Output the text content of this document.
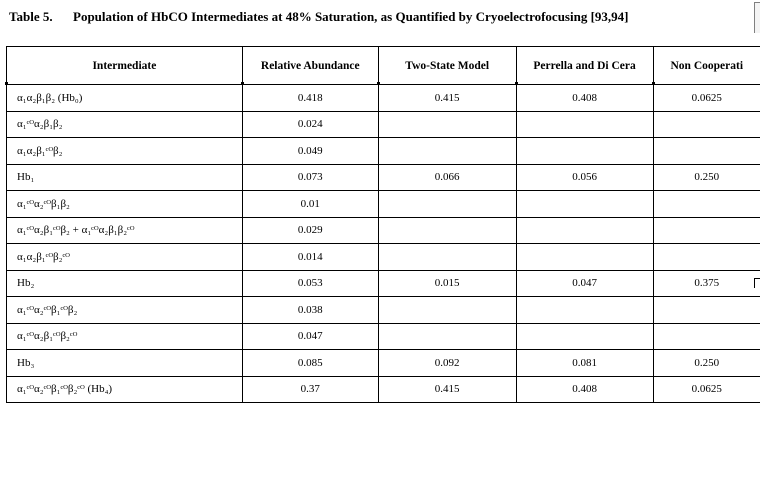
Table 5. Population of HbCO Intermediates at 48% Saturation, as Quantified by Cryoelectrofocusing [93,94]
Intermediate	Relative Abundance	Two-State Model	Perrella and Di Cera	Non Cooperati
α₁α₂β₁β₂ (Hb₀)	0.418	0.415	0.408	0.0625
α₁ᶜᴼα₂β₁β₂	0.024			
α₁α₂β₁ᶜᴼβ₂	0.049			
Hb₁	0.073	0.066	0.056	0.250
α₁ᶜᴼα₂ᶜᴼβ₁β₂	0.01			
α₁ᶜᴼα₂β₁ᶜᴼβ₂ + α₁ᶜᴼα₂β₁β₂ᶜᴼ	0.029			
α₁α₂β₁ᶜᴼβ₂ᶜᴼ	0.014			
Hb₂	0.053	0.015	0.047	0.375
α₁ᶜᴼα₂ᶜᴼβ₁ᶜᴼβ₂	0.038			
α₁ᶜᴼα₂β₁ᶜᴼβ₂ᶜᴼ	0.047			
Hb₃	0.085	0.092	0.081	0.250
α₁ᶜᴼα₂ᶜᴼβ₁ᶜᴼβ₂ᶜᴼ (Hb₄)	0.37	0.415	0.408	0.0625
